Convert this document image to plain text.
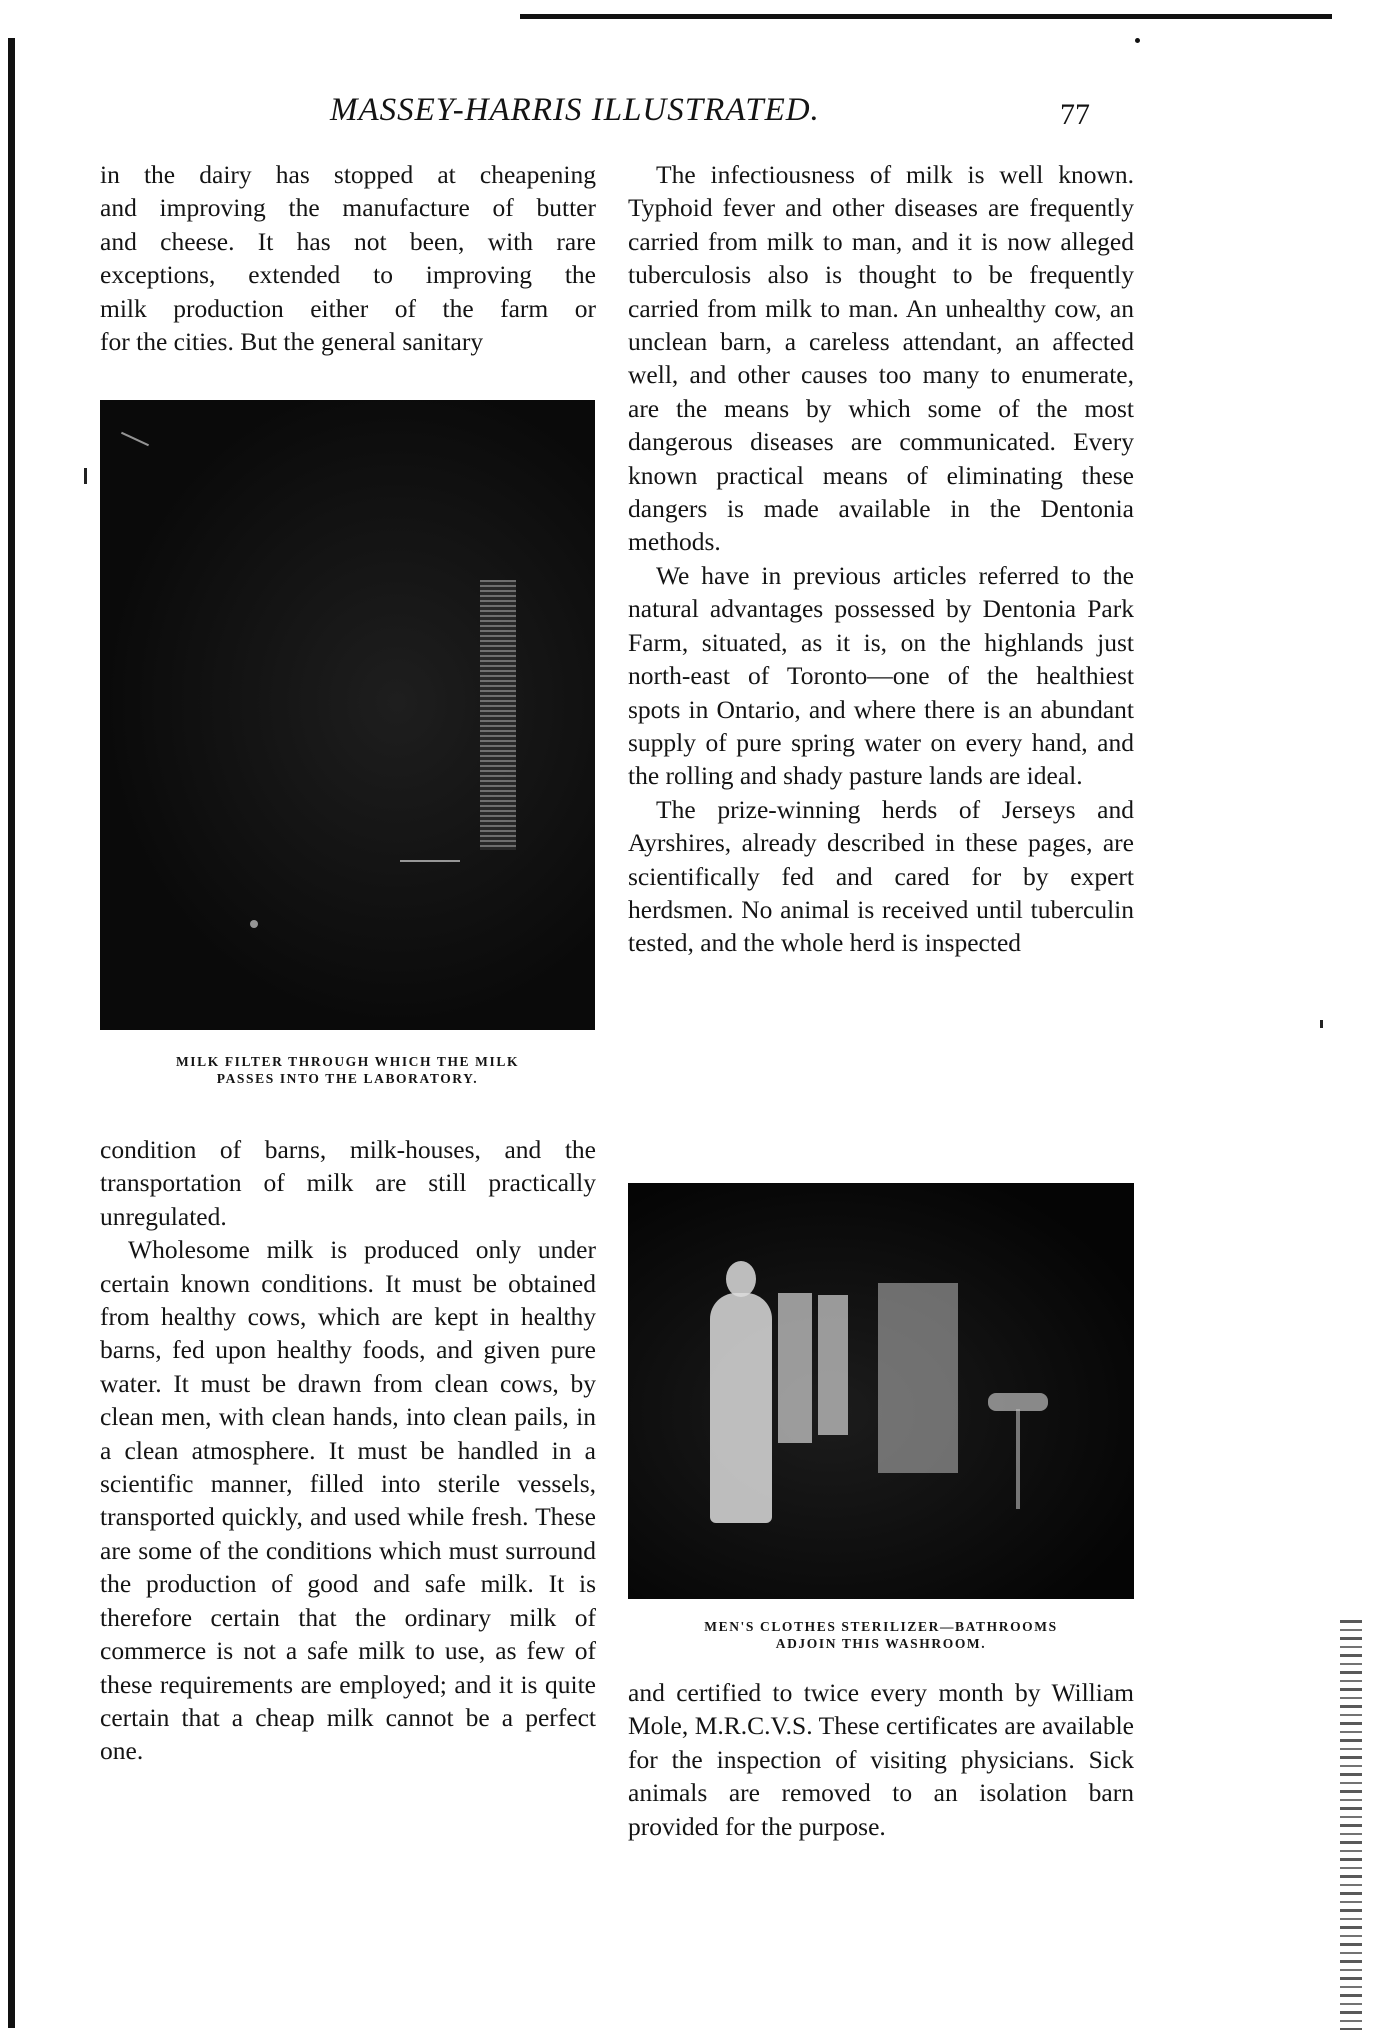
MASSEY-HARRIS ILLUSTRATED.	77

in the dairy has stopped at cheapening

and improving the manufacture of butter

and cheese. It has not been, with rare

exceptions, extended to improving the

milk production either of the farm or

for the cities. But the general sanitary

MILK FILTER THROUGH WHICH THE MILK
PASSES INTO THE LABORATORY.

condition of barns, milk-houses, and the transportation of milk are still practically unregulated.

Wholesome milk is produced only under certain known conditions. It must be obtained from healthy cows, which are kept in healthy barns, fed upon healthy foods, and given pure water. It must be drawn from clean cows, by clean men, with clean hands, into clean pails, in a clean atmosphere. It must be handled in a scientific manner, filled into sterile vessels, transported quickly, and used while fresh. These are some of the conditions which must surround the production of good and safe milk. It is therefore certain that the ordinary milk of commerce is not a safe milk to use, as few of these requirements are employed; and it is quite certain that a cheap milk cannot be a perfect one.

The infectiousness of milk is well known. Typhoid fever and other diseases are frequently carried from milk to man, and it is now alleged tuberculosis also is thought to be frequently carried from milk to man. An unhealthy cow, an unclean barn, a careless attendant, an affected well, and other causes too many to enumerate, are the means by which some of the most dangerous diseases are communicated. Every known practical means of eliminating these dangers is made available in the Dentonia methods.

We have in previous articles referred to the natural advantages possessed by Dentonia Park Farm, situated, as it is, on the highlands just north-east of Toronto—one of the healthiest spots in Ontario, and where there is an abundant supply of pure spring water on every hand, and the rolling and shady pasture lands are ideal.

The prize-winning herds of Jerseys and Ayrshires, already described in these pages, are scientifically fed and cared for by expert herdsmen. No animal is received until tuberculin tested, and the whole herd is inspected

MEN'S CLOTHES STERILIZER—BATHROOMS
ADJOIN THIS WASHROOM.

and certified to twice every month by William Mole, M.R.C.V.S. These certificates are available for the inspection of visiting physicians. Sick animals are removed to an isolation barn provided for the purpose.
